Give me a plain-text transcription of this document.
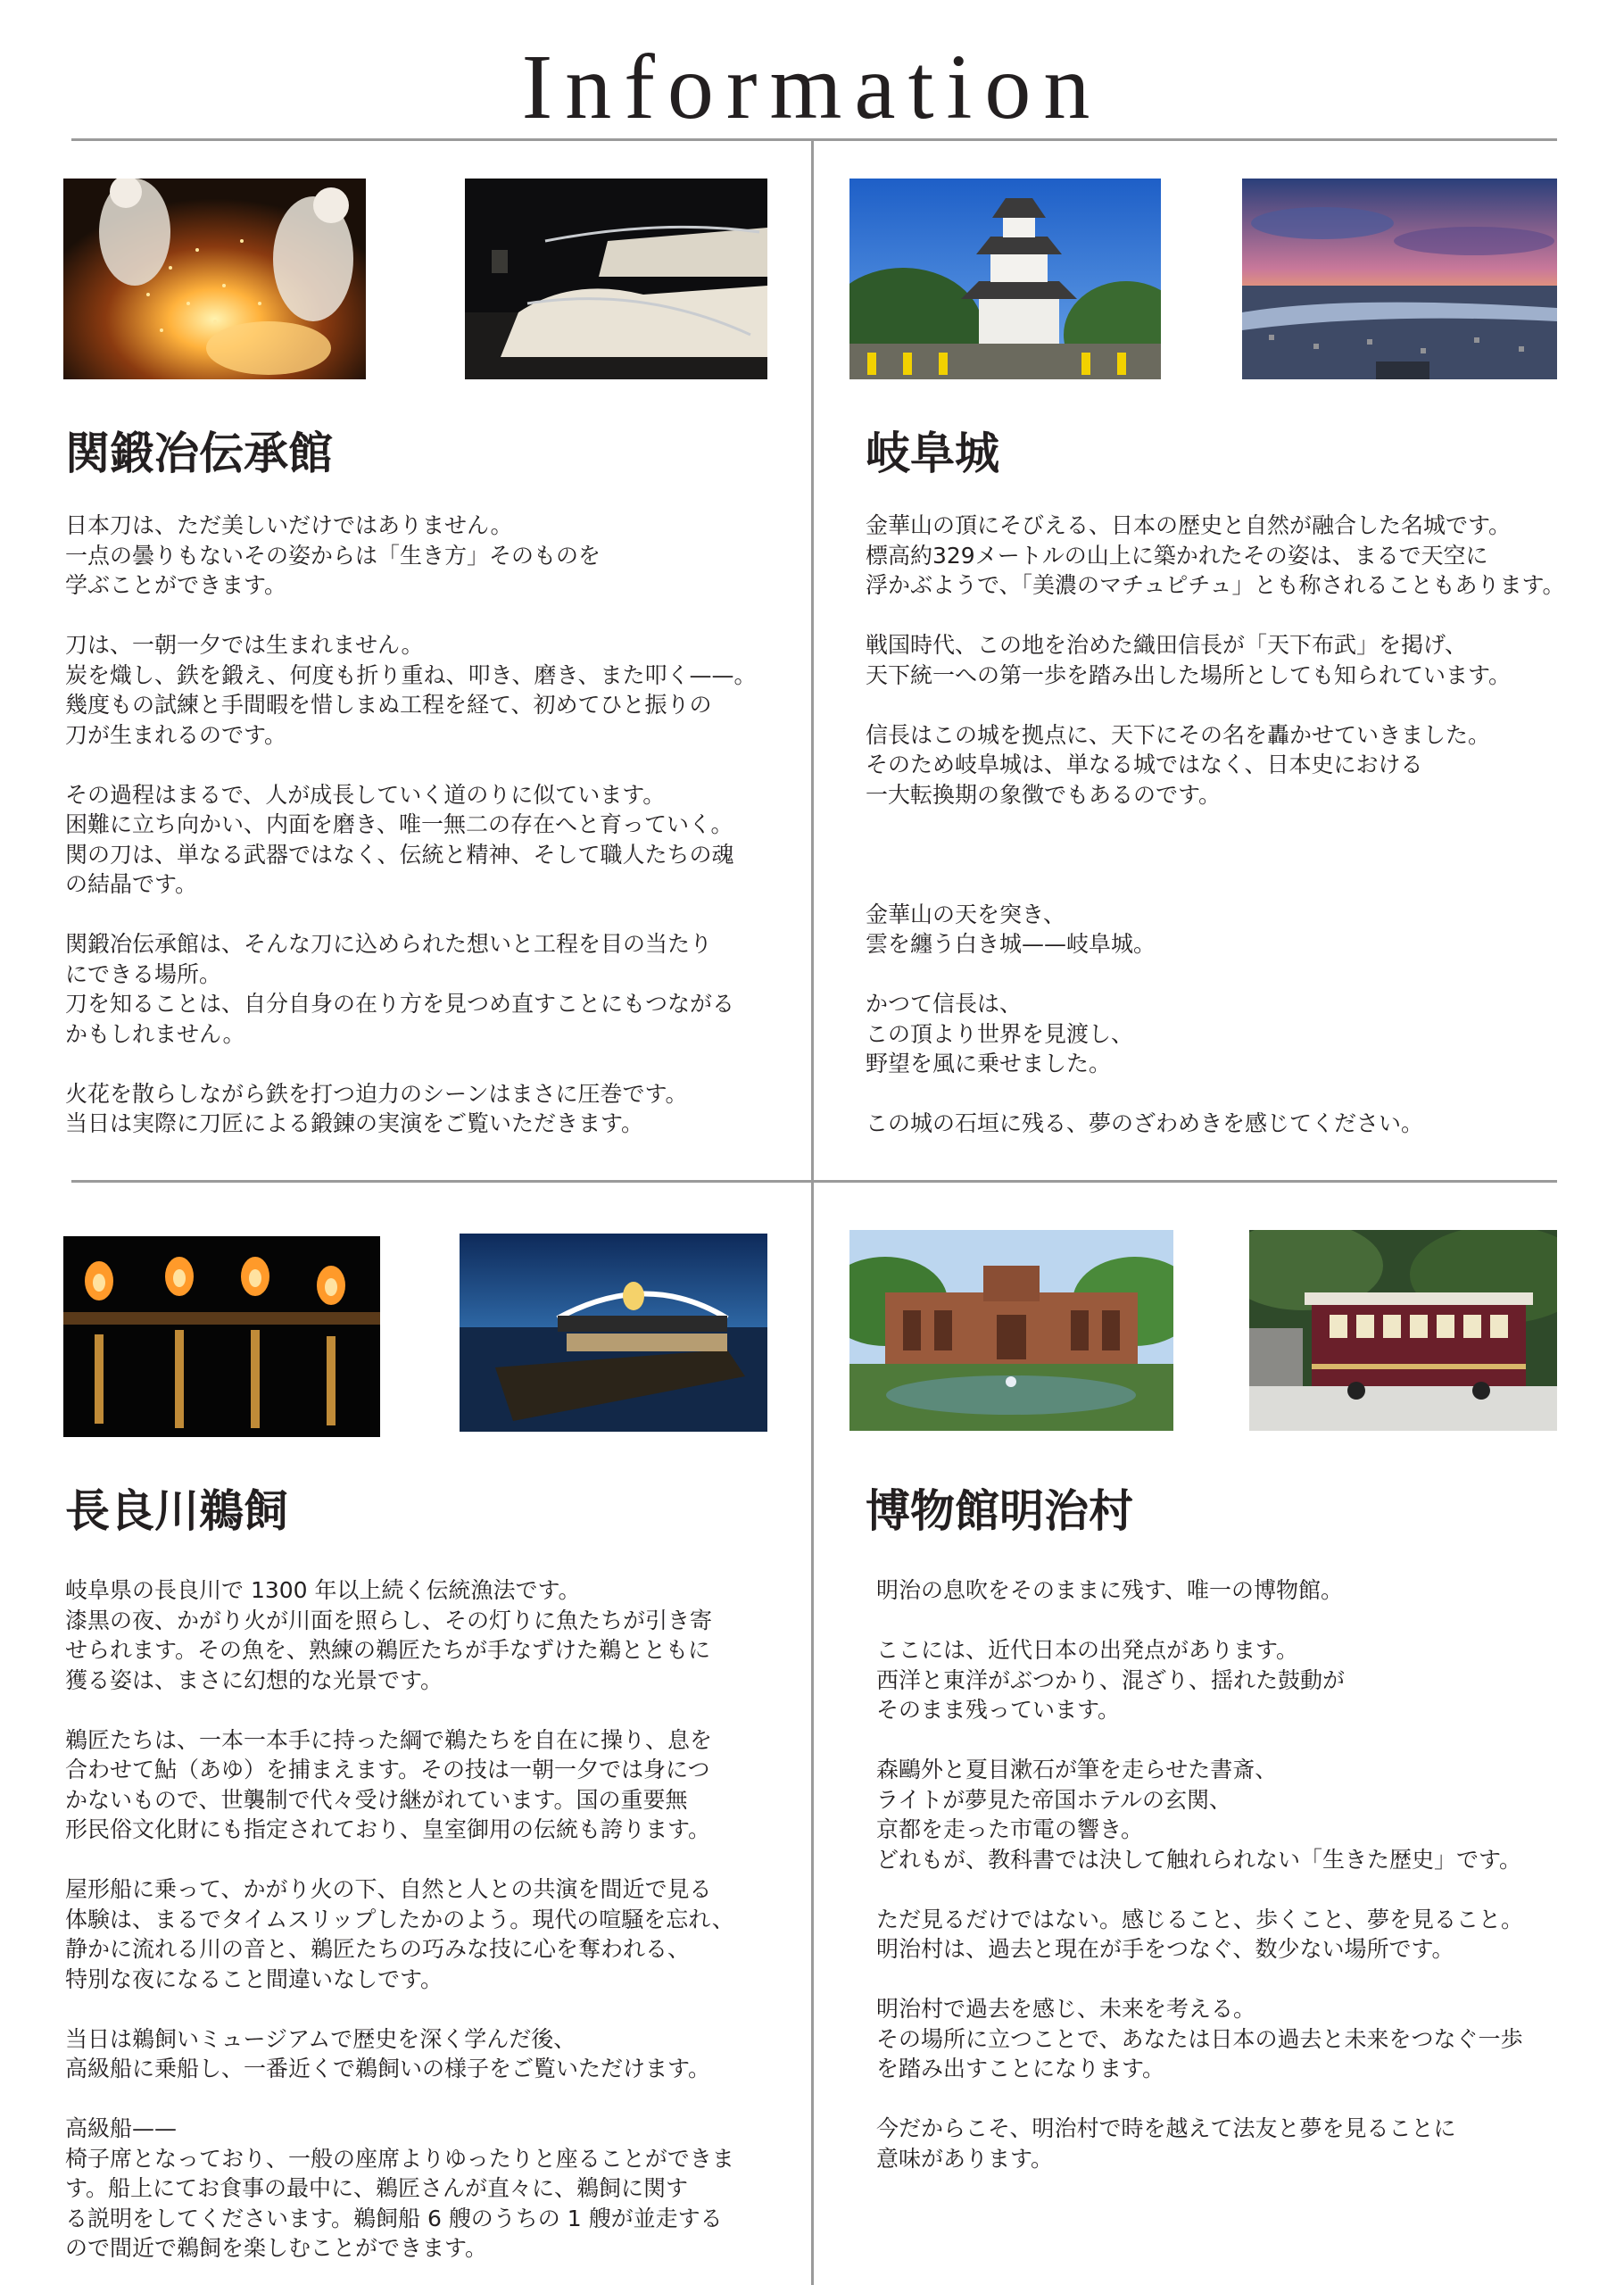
Information
関鍛冶伝承館

日本刀は、ただ美しいだけではありません。

一点の曇りもないその姿からは「生き方」そのものを

学ぶことができます。

刀は、一朝一夕では生まれません。

炭を熾し、鉄を鍛え、何度も折り重ね、叩き、磨き、また叩く——。

幾度もの試練と手間暇を惜しまぬ工程を経て、初めてひと振りの

刀が生まれるのです。

その過程はまるで、人が成長していく道のりに似ています。

困難に立ち向かい、内面を磨き、唯一無二の存在へと育っていく。

関の刀は、単なる武器ではなく、伝統と精神、そして職人たちの魂

の結晶です。

関鍛冶伝承館は、そんな刀に込められた想いと工程を目の当たり

にできる場所。

刀を知ることは、自分自身の在り方を見つめ直すことにもつながる

かもしれません。

火花を散らしながら鉄を打つ迫力のシーンはまさに圧巻です。

当日は実際に刀匠による鍛錬の実演をご覧いただきます。

岐阜城

金華山の頂にそびえる、日本の歴史と自然が融合した名城です。

標高約329メートルの山上に築かれたその姿は、まるで天空に

浮かぶようで、「美濃のマチュピチュ」とも称されることもあります。

戦国時代、この地を治めた織田信長が「天下布武」を掲げ、

天下統一への第一歩を踏み出した場所としても知られています。

信長はこの城を拠点に、天下にその名を轟かせていきました。

そのため岐阜城は、単なる城ではなく、日本史における

一大転換期の象徴でもあるのです。

金華山の天を突き、

雲を纏う白き城——岐阜城。

かつて信長は、

この頂より世界を見渡し、

野望を風に乗せました。

この城の石垣に残る、夢のざわめきを感じてください。

長良川鵜飼

岐阜県の長良川で 1300 年以上続く伝統漁法です。

漆黒の夜、かがり火が川面を照らし、その灯りに魚たちが引き寄

せられます。その魚を、熟練の鵜匠たちが手なずけた鵜とともに

獲る姿は、まさに幻想的な光景です。

鵜匠たちは、一本一本手に持った綱で鵜たちを自在に操り、息を

合わせて鮎（あゆ）を捕まえます。その技は一朝一夕では身につ

かないもので、世襲制で代々受け継がれています。国の重要無

形民俗文化財にも指定されており、皇室御用の伝統も誇ります。

屋形船に乗って、かがり火の下、自然と人との共演を間近で見る

体験は、まるでタイムスリップしたかのよう。現代の喧騒を忘れ、

静かに流れる川の音と、鵜匠たちの巧みな技に心を奪われる、

特別な夜になること間違いなしです。

当日は鵜飼いミュージアムで歴史を深く学んだ後、

高級船に乗船し、一番近くで鵜飼いの様子をご覧いただけます。

高級船——

椅子席となっており、一般の座席よりゆったりと座ることができま

す。船上にてお食事の最中に、鵜匠さんが直々に、鵜飼に関す

る説明をしてくださいます。鵜飼船 6 艘のうちの 1 艘が並走する

ので間近で鵜飼を楽しむことができます。

博物館明治村

明治の息吹をそのままに残す、唯一の博物館。

ここには、近代日本の出発点があります。

西洋と東洋がぶつかり、混ざり、揺れた鼓動が

そのまま残っています。

森鷗外と夏目漱石が筆を走らせた書斎、

ライトが夢見た帝国ホテルの玄関、

京都を走った市電の響き。

どれもが、教科書では決して触れられない「生きた歴史」です。

ただ見るだけではない。感じること、歩くこと、夢を見ること。

明治村は、過去と現在が手をつなぐ、数少ない場所です。

明治村で過去を感じ、未来を考える。

その場所に立つことで、あなたは日本の過去と未来をつなぐ一歩

を踏み出すことになります。

今だからこそ、明治村で時を越えて法友と夢を見ることに

意味があります。
